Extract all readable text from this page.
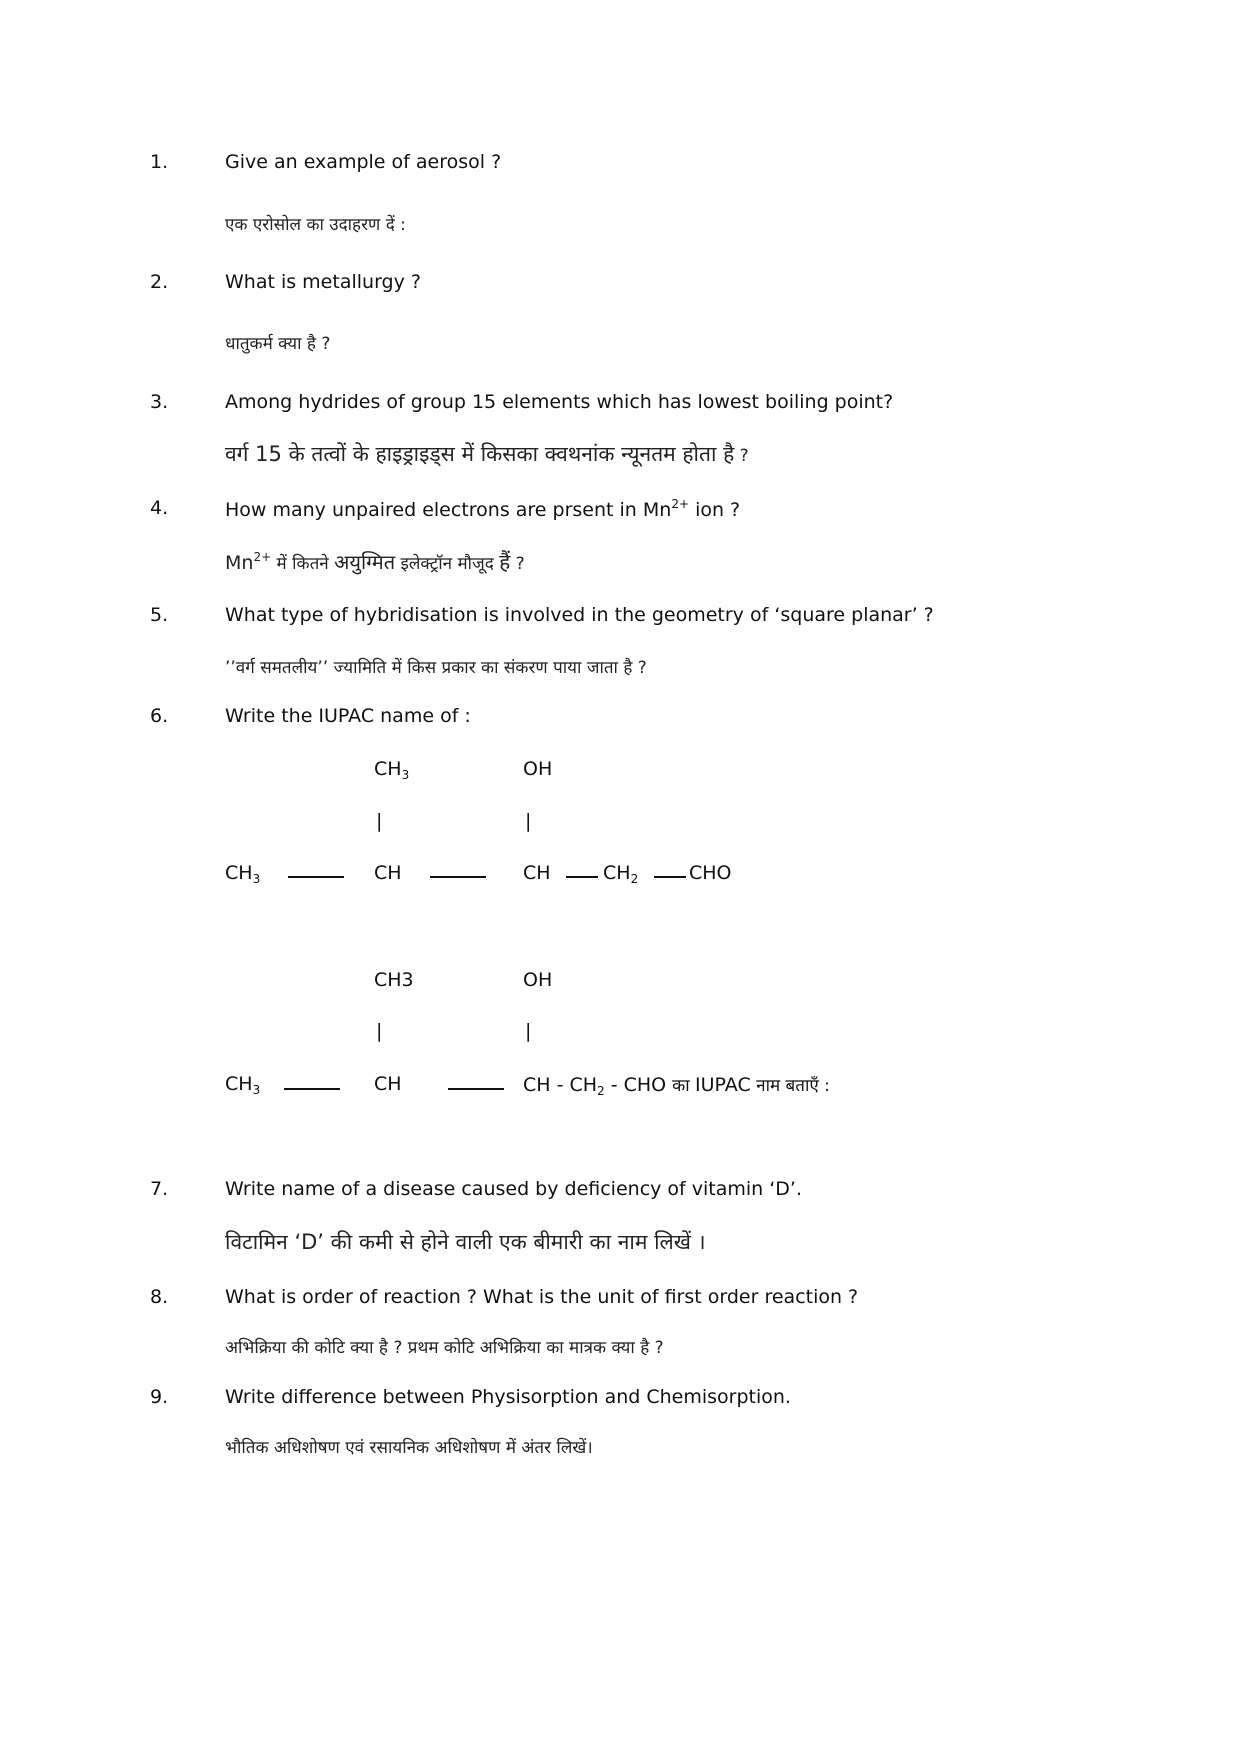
1.	Give an example of aerosol ?
एक एरोसोल का उदाहरण दें :
2.	What is metallurgy ?
धातुकर्म क्या है ?
3.	Among hydrides of group 15 elements which has lowest boiling point?
वर्ग 15 के तत्वों के हाइड्राइड्स में किसका क्वथनांक न्यूनतम होता है ?
4.	How many unpaired electrons are prsent in $Mn^{2+}$ ion ?
$Mn^{2+}$ में कितने अयुग्मित इलेक्ट्रॉन मौजूद हैं ?
5.	What type of hybridisation is involved in the geometry of ‘square planar’ ?
’’वर्ग समतलीय’’ ज्यामिति में किस प्रकार का संकरण पाया जाता है ?
6.	Write the IUPAC name of :
$CH_3$	OH
|	|
$CH_3$	CH	CH	$CH_2$	CHO
CH3	OH
|	|
$CH_3$	CH	CH - $CH_2$ - CHO का IUPAC नाम बताएँ :
7.	Write name of a disease caused by deficiency of vitamin ‘D’.
विटामिन ‘D’ की कमी से होने वाली एक बीमारी का नाम लिखें ।
8.	What is order of reaction ? What is the unit of first order reaction ?
अभिक्रिया की कोटि क्या है ? प्रथम कोटि अभिक्रिया का मात्रक क्या है ?
9.	Write difference between Physisorption and Chemisorption.
भौतिक अधिशोषण एवं रसायनिक अधिशोषण में अंतर लिखें।
